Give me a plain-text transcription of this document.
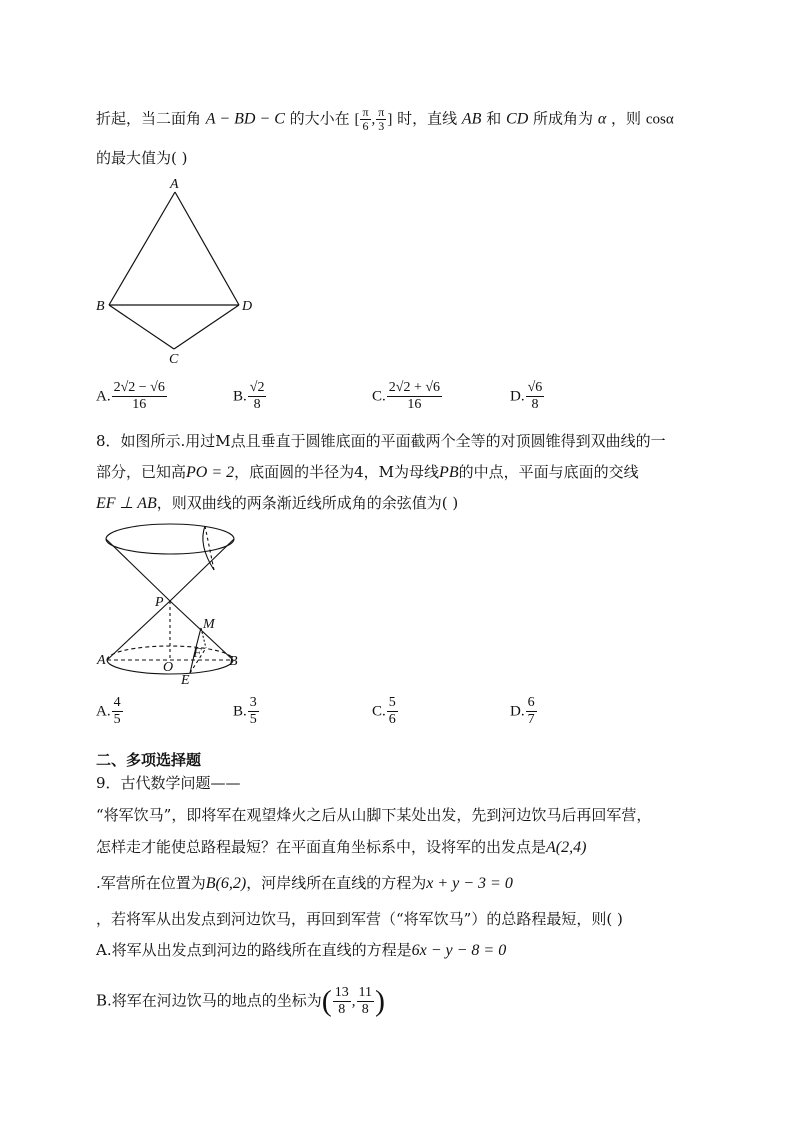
折起，当二面角 A − BD − C 的大小在 [ $\frac{\pi}{6}$ , $\frac{\pi}{3}$ ] 时，直线 AB 和 CD 所成角为 α ，则 cosα
的最大值为( )
A
B	D
C
A. $\frac{2√2 - √6}{16}$	B. $\frac{√2}{8}$	C. $\frac{2√2 + √6}{16}$	D. $\frac{√6}{8}$
8．如图所示.用过M点且垂直于圆锥底面的平面截两个全等的对顶圆锥得到双曲线的一
部分，已知高PO = 2，底面圆的半径为4，M为母线PB的中点，平面与底面的交线
EF ⊥ AB，则双曲线的两条渐近线所成角的余弦值为( )
P
M
A	O
F
B
E
A. $\frac{4}{5}$	B. $\frac{3}{5}$	C. $\frac{5}{6}$	D. $\frac{6}{7}$
二、多项选择题
9．古代数学问题——
“将军饮马”，即将军在观望烽火之后从山脚下某处出发，先到河边饮马后再回军营，
怎样走才能使总路程最短？在平面直角坐标系中，设将军的出发点是A(2,4)
.军营所在位置为B(6,2)，河岸线所在直线的方程为x + y − 3 = 0
，若将军从出发点到河边饮马，再回到军营（“将军饮马”）的总路程最短，则( )
A.将军从出发点到河边的路线所在直线的方程是6x − y − 8 = 0
B.将军在河边饮马的地点的坐标为( $\frac{13}{8}$ , $\frac{11}{8}$ )
